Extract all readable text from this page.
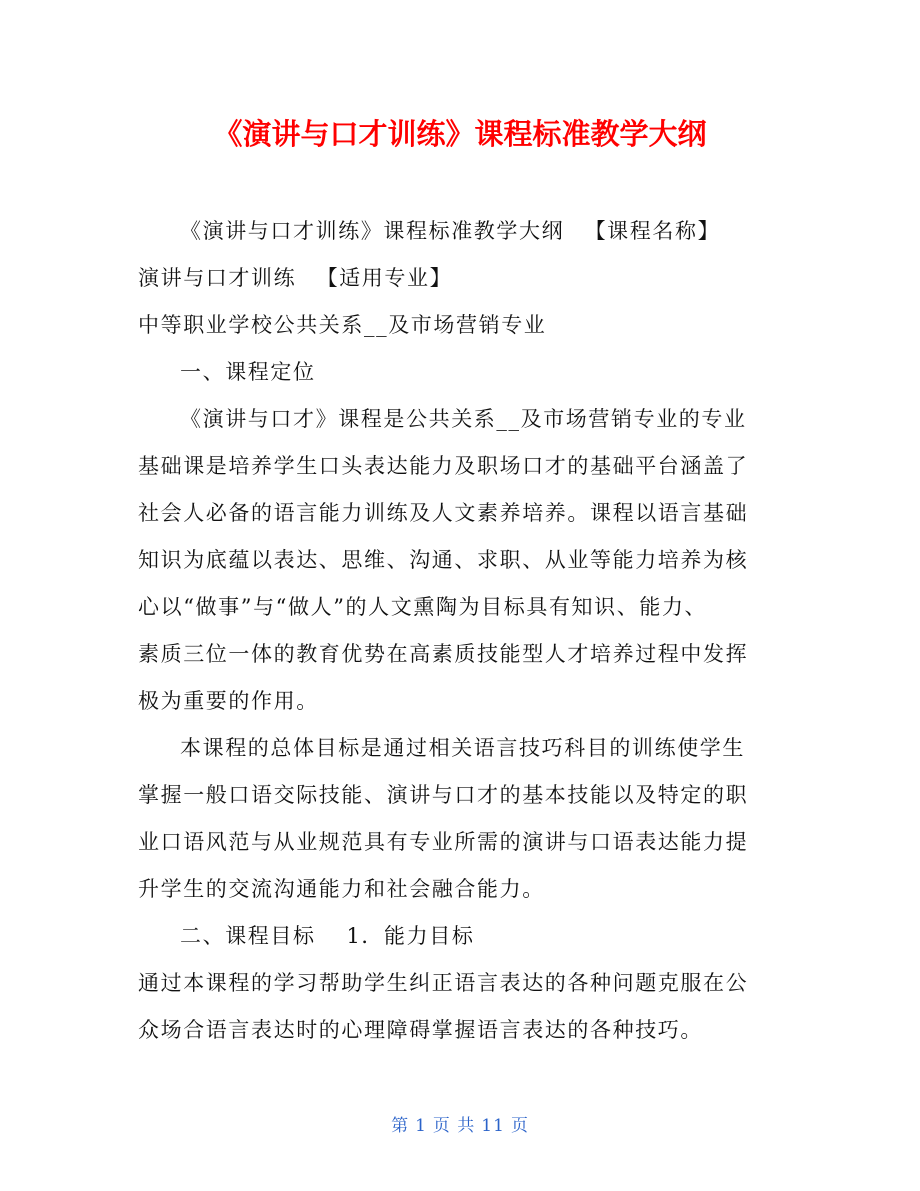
《演讲与口才训练》课程标准教学大纲
《演讲与口才训练》课程标准教学大纲 　【课程名称】
演讲与口才训练 　【适用专业】
中等职业学校公共关系__及市场营销专业
一、课程定位
《演讲与口才》课程是公共关系__及市场营销专业的专业
基础课是培养学生口头表达能力及职场口才的基础平台涵盖了
社会人必备的语言能力训练及人文素养培养。课程以语言基础
知识为底蕴以表达、思维、沟通、求职、从业等能力培养为核
心以“做事”与“做人”的人文熏陶为目标具有知识、能力、
素质三位一体的教育优势在高素质技能型人才培养过程中发挥
极为重要的作用。
本课程的总体目标是通过相关语言技巧科目的训练使学生
掌握一般口语交际技能、演讲与口才的基本技能以及特定的职
业口语风范与从业规范具有专业所需的演讲与口语表达能力提
升学生的交流沟通能力和社会融合能力。
二、课程目标 　1．能力目标
通过本课程的学习帮助学生纠正语言表达的各种问题克服在公
众场合语言表达时的心理障碍掌握语言表达的各种技巧。
第 1 页 共 11 页
